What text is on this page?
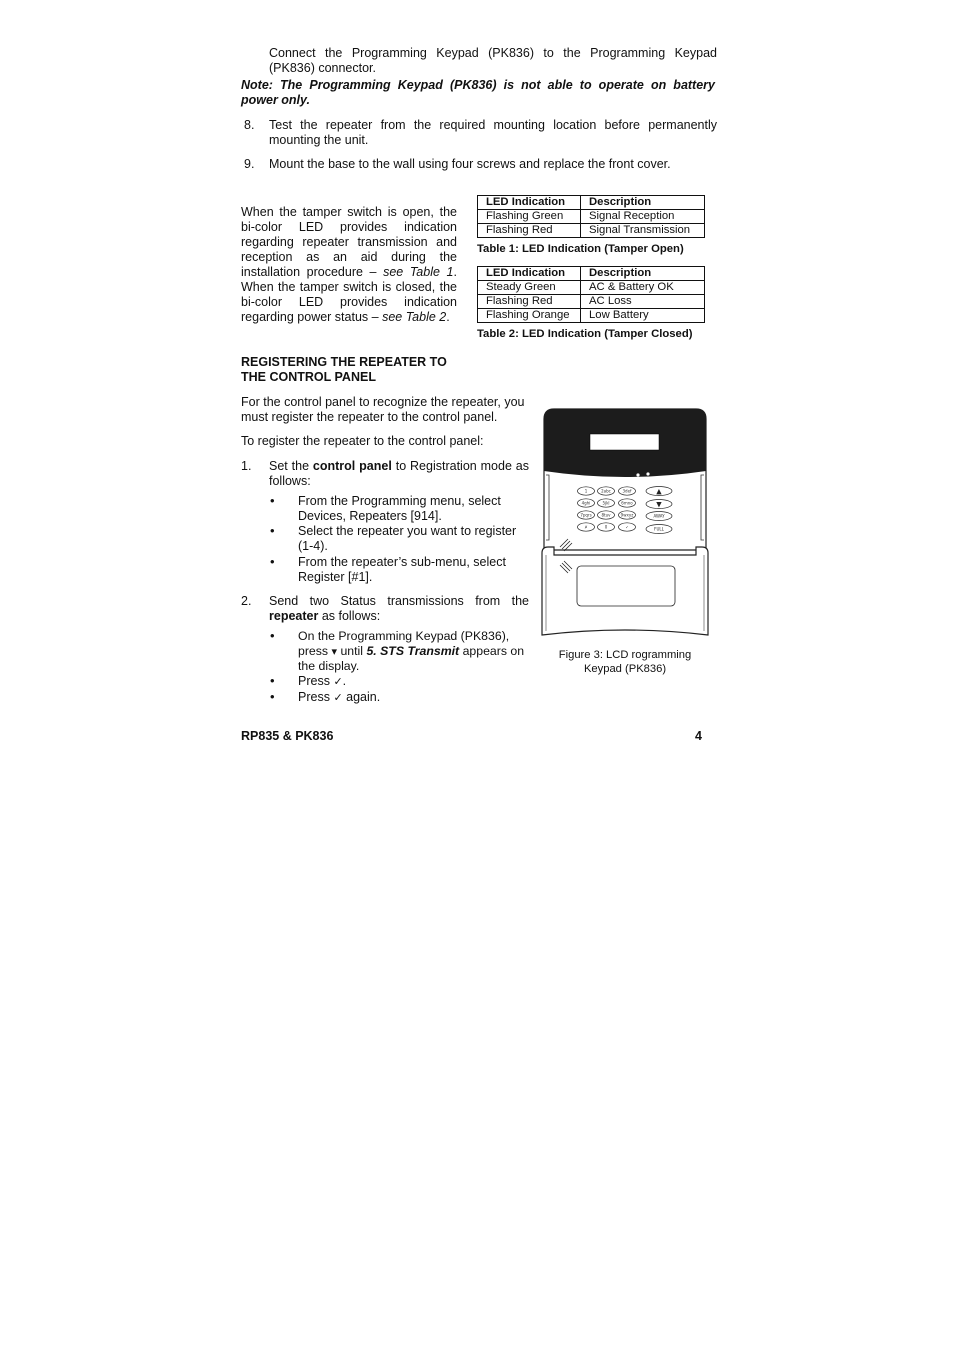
Connect the Programming Keypad (PK836) to the Programming Keypad (PK836) connector.
Note: The Programming Keypad (PK836) is not able to operate on battery power only.
8. Test the repeater from the required mounting location before permanently mounting the unit.
9. Mount the base to the wall using four screws and replace the front cover.
When the tamper switch is open, the bi-color LED provides indication regarding repeater transmission and reception as an aid during the installation procedure – see Table 1. When the tamper switch is closed, the bi-color LED provides indication regarding power status – see Table 2.
LED Indication	Description
Flashing Green	Signal Reception
Flashing Red	Signal Transmission
Table 1: LED Indication (Tamper Open)
LED Indication	Description
Steady Green	AC & Battery OK
Flashing Red	AC Loss
Flashing Orange	Low Battery
Table 2: LED Indication (Tamper Closed)
REGISTERING THE REPEATER TO
THE CONTROL PANEL
For the control panel to recognize the repeater, you must register the repeater to the control panel.
To register the repeater to the control panel:
1. Set the control panel to Registration mode as follows:
• From the Programming menu, select Devices, Repeaters [914].
• Select the repeater you want to register (1-4).
• From the repeater’s sub-menu, select Register [#1].
2. Send two Status transmissions from the repeater as follows:
• On the Programming Keypad (PK836), press ▾ until 5. STS Transmit appears on the display.
• Press ✓.
• Press ✓ again.
1	2abc	3def
4ghi	5jkl	6mno
7pqrs 8tuv	9wxyz
✗	0	✓
▲
▼
AWAY
FULL
Figure 3: LCD rogramming
Keypad (PK836)
RP835 & PK836	4
